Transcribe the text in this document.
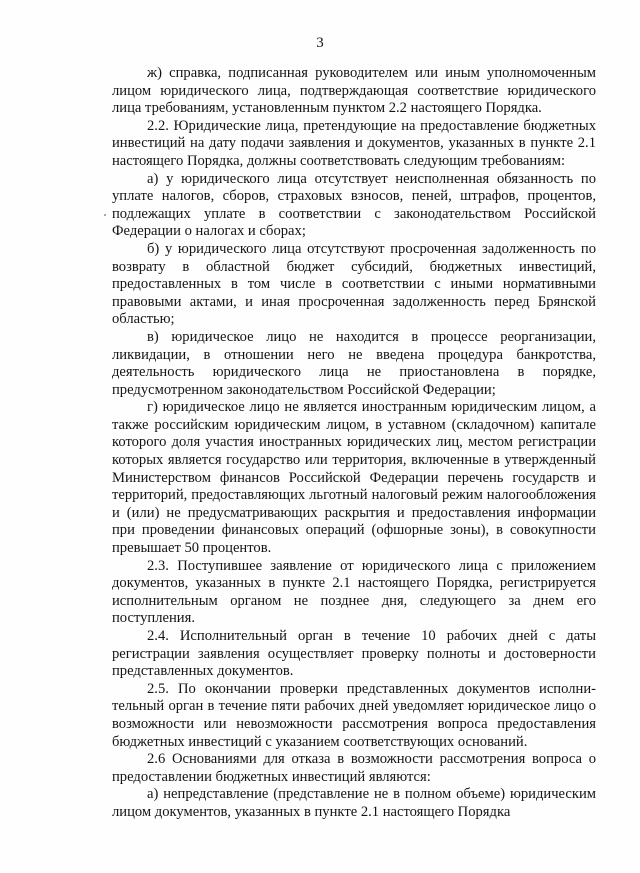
3

ж) справка, подписанная руководителем или иным уполномоченным лицом юридического лица, подтверждающая соответствие юридического лица требованиям, установленным пунктом 2.2 настоящего Порядка.

2.2. Юридические лица, претендующие на предоставление бюджетных инвестиций на дату подачи заявления и документов, указанных в пункте 2.1 настоящего Порядка, должны соответствовать следующим требованиям:

а) у юридического лица отсутствует неисполненная обязанность по уплате налогов, сборов, страховых взносов, пеней, штрафов, процентов, подлежащих уплате в соответствии с законодательством Российской Федерации о налогах и сборах;

б) у юридического лица отсутствуют просроченная задолженность по возврату в областной бюджет субсидий, бюджетных инвестиций, предоставленных в том числе в соответствии с иными нормативными правовыми актами, и иная просроченная задолженность перед Брянской областью;

в) юридическое лицо не находится в процессе реорганизации, ликвидации, в отношении него не введена процедура банкротства, деятельность юридического лица не приостановлена в порядке, предусмотренном законодательством Российской Федерации;

г) юридическое лицо не является иностранным юридическим лицом, а также российским юридическим лицом, в уставном (складочном) капитале которого доля участия иностранных юридических лиц, местом регистрации которых является государство или территория, включенные в утвержденный Министерством финансов Российской Федерации перечень государств и территорий, предоставляющих льготный налоговый режим налогообложения и (или) не предусматривающих раскрытия и предоставления информации при проведении финансовых операций (офшорные зоны), в совокупности превышает 50 процентов.

2.3. Поступившее заявление от юридического лица с приложением документов, указанных в пункте 2.1 настоящего Порядка, регистрируется исполнительным органом не позднее дня, следующего за днем его поступления.

2.4. Исполнительный орган в течение 10 рабочих дней с даты регистрации заявления осуществляет проверку полноты и достоверности представленных документов.

2.5. По окончании проверки представленных документов исполнительный орган в течение пяти рабочих дней уведомляет юридическое лицо о возможности или невозможности рассмотрения вопроса предоставления бюджетных инвестиций с указанием соответствующих оснований.

2.6 Основаниями для отказа в возможности рассмотрения вопроса о предоставлении бюджетных инвестиций являются:

а) непредставление (представление не в полном объеме) юридическим лицом документов, указанных в пункте 2.1 настоящего Порядка
